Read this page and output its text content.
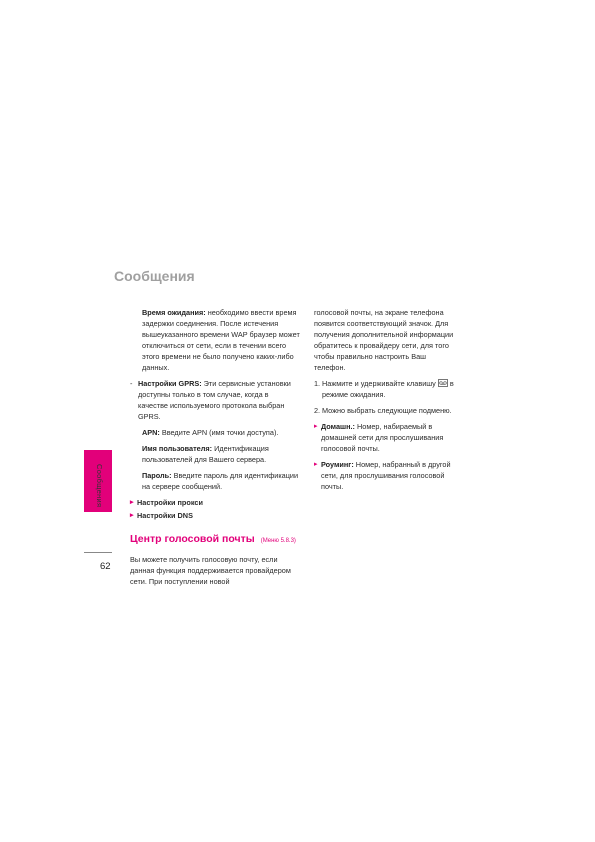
Сообщения

Время ожидания: необходимо ввести время задержки соединения. После истечения вышеуказанного времени WAP браузер может отключиться от сети, если в течении всего этого времени не было получено каких-либо данных.

- Настройки GPRS: Эти сервисные установки доступны только в том случае, когда в качестве используемого протокола выбран GPRS.

APN: Введите APN (имя точки доступа).

Имя пользователя: Идентификация пользователей для Вашего сервера.

Пароль: Введите пароль для идентификации на сервере сообщений.

▸ Настройки прокси

▸ Настройки DNS

Центр голосовой почты (Меню 5.8.3)

Вы можете получить голосовую почту, если данная функция поддерживается провайдером сети. При поступлении новой

голосовой почты, на экране телефона появится соответствующий значок. Для получения дополнительной информации обратитесь к провайдеру сети, для того чтобы правильно настроить Ваш телефон.

1. Нажмите и удерживайте клавишу  в режиме ожидания.

2. Можно выбрать следующие подменю.

▸ Домашн.: Номер, набираемый в домашней сети для прослушивания голосовой почты.

▸ Роуминг: Номер, набранный в другой сети, для прослушивания голосовой почты.

Сообщения
62
